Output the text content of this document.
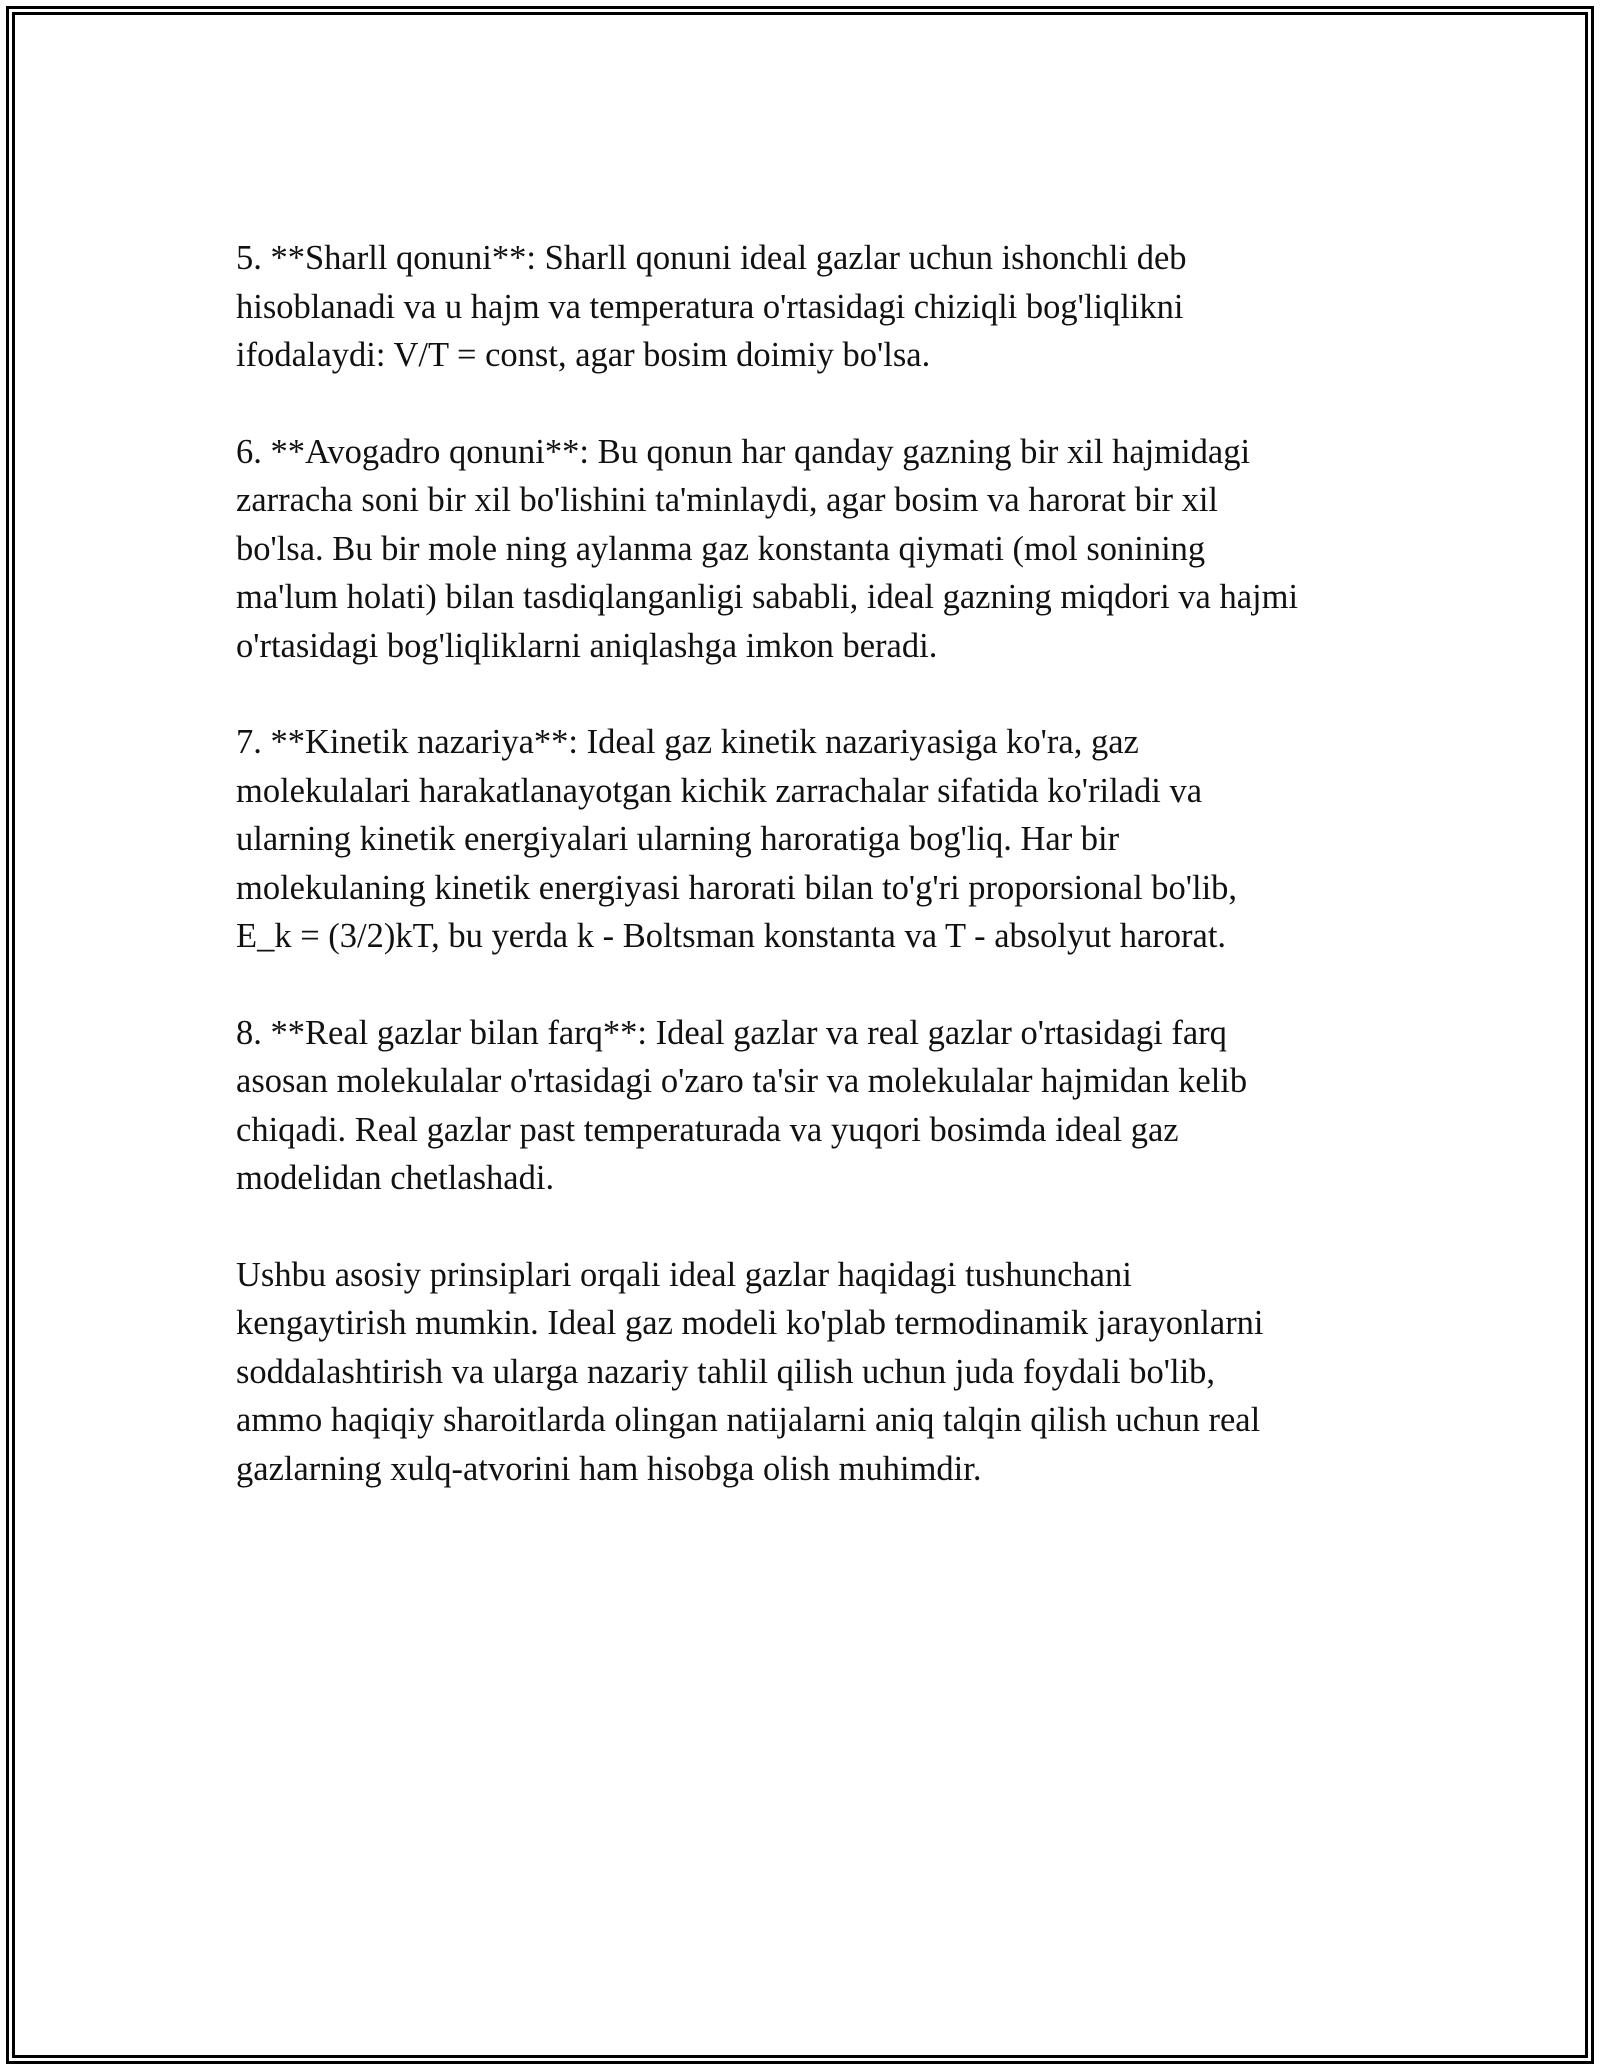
5. **Sharll qonuni**: Sharll qonuni ideal gazlar uchun ishonchli deb
hisoblanadi va u hajm va temperatura o'rtasidagi chiziqli bog'liqlikni
ifodalaydi: V/T = const, agar bosim doimiy bo'lsa.

6. **Avogadro qonuni**: Bu qonun har qanday gazning bir xil hajmidagi
zarracha soni bir xil bo'lishini ta'minlaydi, agar bosim va harorat bir xil
bo'lsa. Bu bir mole ning aylanma gaz konstanta qiymati (mol sonining
ma'lum holati) bilan tasdiqlanganligi sababli, ideal gazning miqdori va hajmi
o'rtasidagi bog'liqliklarni aniqlashga imkon beradi.

7. **Kinetik nazariya**: Ideal gaz kinetik nazariyasiga ko'ra, gaz
molekulalari harakatlanayotgan kichik zarrachalar sifatida ko'riladi va
ularning kinetik energiyalari ularning haroratiga bog'liq. Har bir
molekulaning kinetik energiyasi harorati bilan to'g'ri proporsional bo'lib,
E_k = (3/2)kT, bu yerda k - Boltsman konstanta va T - absolyut harorat.

8. **Real gazlar bilan farq**: Ideal gazlar va real gazlar o'rtasidagi farq
asosan molekulalar o'rtasidagi o'zaro ta'sir va molekulalar hajmidan kelib
chiqadi. Real gazlar past temperaturada va yuqori bosimda ideal gaz
modelidan chetlashadi.

Ushbu asosiy prinsiplari orqali ideal gazlar haqidagi tushunchani
kengaytirish mumkin. Ideal gaz modeli ko'plab termodinamik jarayonlarni
soddalashtirish va ularga nazariy tahlil qilish uchun juda foydali bo'lib,
ammo haqiqiy sharoitlarda olingan natijalarni aniq talqin qilish uchun real
gazlarning xulq-atvorini ham hisobga olish muhimdir.
